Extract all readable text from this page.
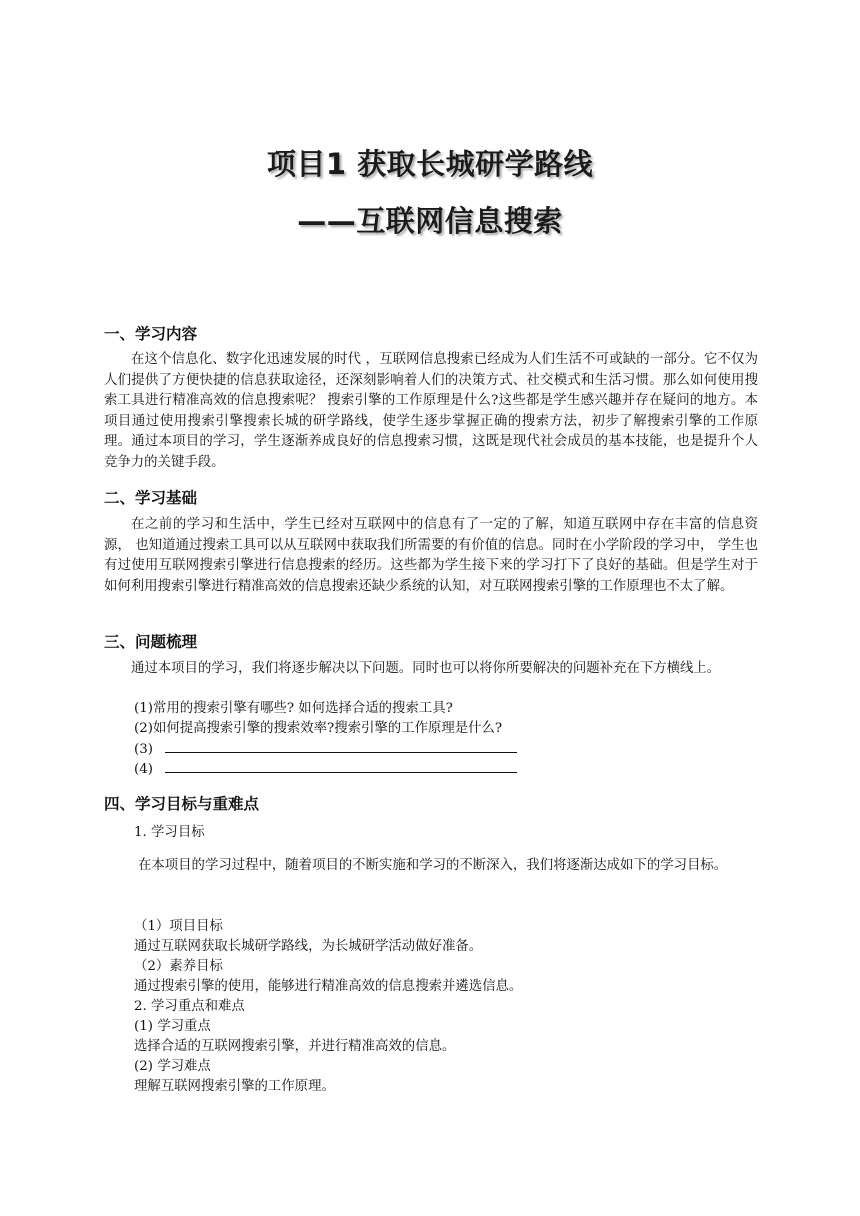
项目1 获取长城研学路线
——互联网信息搜索
一、学习内容
在这个信息化、数字化迅速发展的时代 ，互联网信息搜索已经成为人们生活不可或缺的一部分。它不仅为人们提供了方便快捷的信息获取途径，还深刻影响着人们的决策方式、社交模式和生活习惯。那么如何使用搜索工具进行精准高效的信息搜索呢？ 搜索引擎的工作原理是什么?这些都是学生感兴趣并存在疑问的地方。本项目通过使用搜索引擎搜索长城的研学路线，使学生逐步掌握正确的搜索方法，初步了解搜索引擎的工作原理。通过本项目的学习，学生逐渐养成良好的信息搜索习惯，这既是现代社会成员的基本技能，也是提升个人竞争力的关键手段。
二、学习基础
在之前的学习和生活中，学生已经对互联网中的信息有了一定的了解，知道互联网中存在丰富的信息资源， 也知道通过搜索工具可以从互联网中获取我们所需要的有价值的信息。同时在小学阶段的学习中， 学生也有过使用互联网搜索引擎进行信息搜索的经历。这些都为学生接下来的学习打下了良好的基础。但是学生对于如何利用搜索引擎进行精准高效的信息搜索还缺少系统的认知，对互联网搜索引擎的工作原理也不太了解。
三、问题梳理
通过本项目的学习，我们将逐步解决以下问题。同时也可以将你所要解决的问题补充在下方横线上。
(1)常用的搜索引擎有哪些? 如何选择合适的搜索工具?
(2)如何提高搜索引擎的搜索效率?搜索引擎的工作原理是什么?
(3)
(4)
四、学习目标与重难点
1. 学习目标
在本项目的学习过程中，随着项目的不断实施和学习的不断深入，我们将逐渐达成如下的学习目标。
（1）项目目标
通过互联网获取长城研学路线，为长城研学活动做好准备。
（2）素养目标
通过搜索引擎的使用，能够进行精准高效的信息搜索并遴选信息。
2. 学习重点和难点
(1) 学习重点
选择合适的互联网搜索引擎，并进行精准高效的信息。
(2) 学习难点
理解互联网搜索引擎的工作原理。
